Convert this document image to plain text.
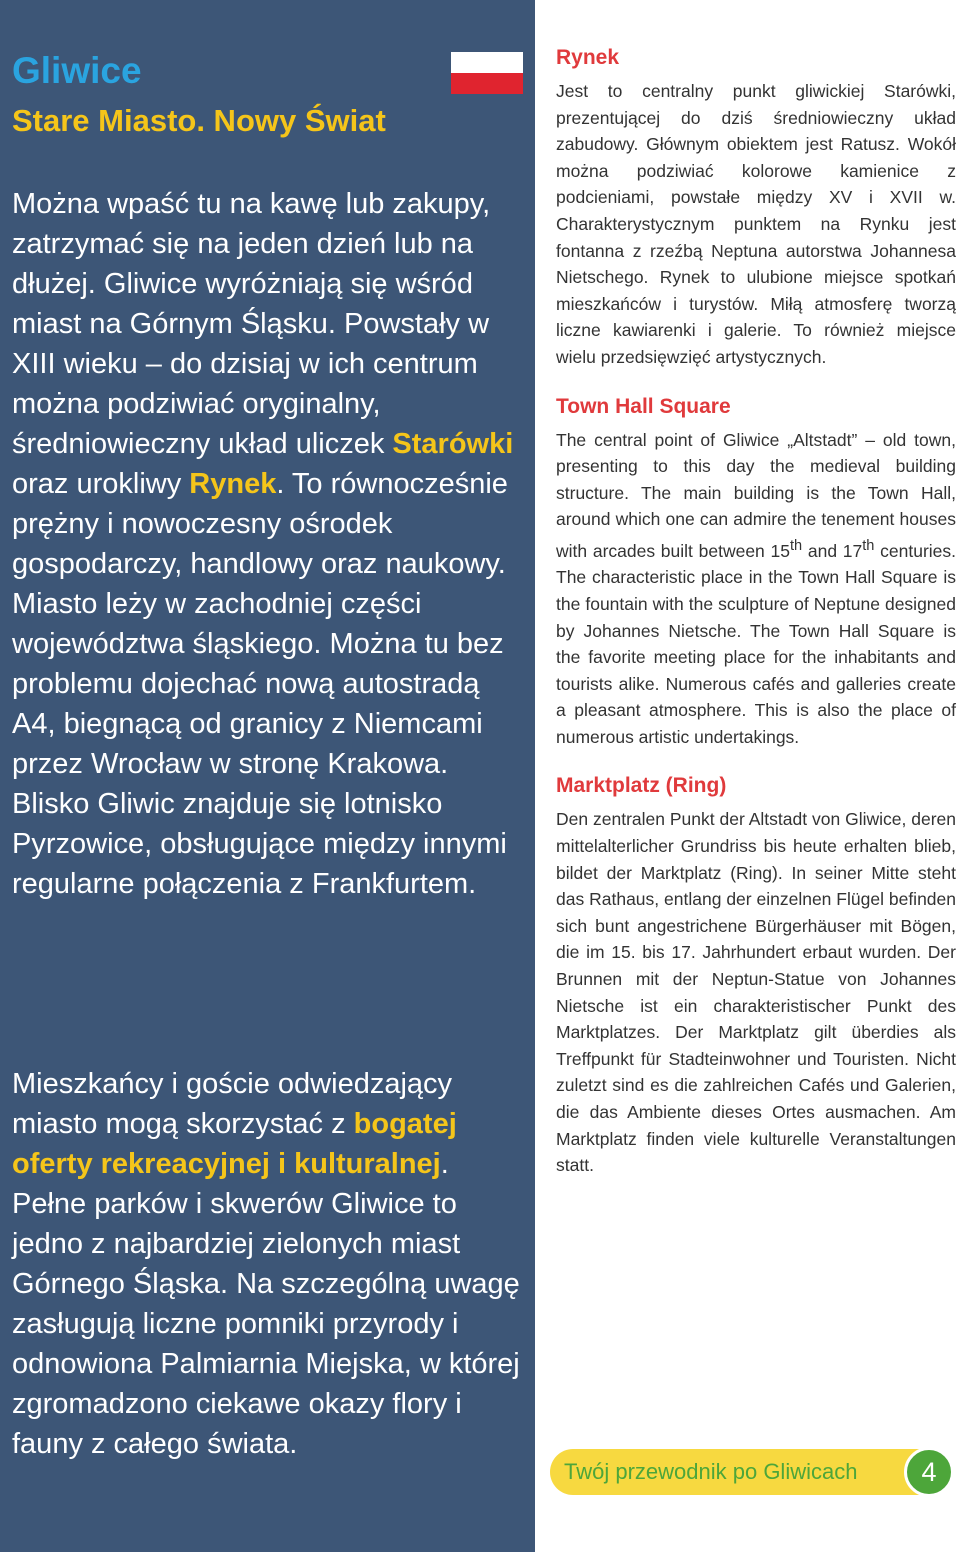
Gliwice
Stare Miasto. Nowy Świat

Można wpaść tu na kawę lub zakupy, zatrzymać się na jeden dzień lub na dłużej. Gliwice wyróżniają się wśród miast na Górnym Śląsku. Powstały w XIII wieku – do dzisiaj w ich centrum można podziwiać oryginalny, średniowieczny układ uliczek Starówki oraz urokliwy Rynek. To równocześnie prężny i nowoczesny ośrodek gospodarczy, handlowy oraz naukowy. Miasto leży w zachodniej części województwa śląskiego. Można tu bez problemu dojechać nową autostradą A4, biegnącą od granicy z Niemcami przez Wrocław w stronę Krakowa. Blisko Gliwic znajduje się lotnisko Pyrzowice, obsługujące między innymi regularne połączenia z Frankfurtem.

Mieszkańcy i goście odwiedzający miasto mogą skorzystać z bogatej oferty rekreacyjnej i kulturalnej. Pełne parków i skwerów Gliwice to jedno z najbardziej zielonych miast Górnego Śląska. Na szczególną uwagę zasługują liczne pomniki przyrody i odnowiona Palmiarnia Miejska, w której zgromadzono ciekawe okazy flory i fauny z całego świata.

Rynek

Jest to centralny punkt gliwickiej Starówki, prezentującej do dziś średniowieczny układ zabudowy. Głównym obiektem jest Ratusz. Wokół można podziwiać kolorowe kamienice z podcieniami, powstałe między XV i XVII w. Charakterystycznym punktem na Rynku jest fontanna z rzeźbą Neptuna autorstwa Johannesa Nietschego. Rynek to ulubione miejsce spotkań mieszkańców i turystów. Miłą atmosferę tworzą liczne kawiarenki i galerie. To również miejsce wielu przedsięwzięć artystycznych.

Town Hall Square

The central point of Gliwice „Altstadt” – old town, presenting to this day the medieval building structure. The main building is the Town Hall, around which one can admire the tenement houses with arcades built between 15th and 17th centuries. The characteristic place in the Town Hall Square is the fountain with the sculpture of Neptune designed by Johannes Nietsche. The Town Hall Square is the favorite meeting place for the inhabitants and tourists alike. Numerous cafés and galleries create a pleasant atmosphere. This is also the place of numerous artistic undertakings.

Marktplatz (Ring)

Den zentralen Punkt der Altstadt von Gliwice, deren mittelalterlicher Grundriss bis heute erhalten blieb, bildet der Marktplatz (Ring). In seiner Mitte steht das Rathaus, entlang der einzelnen Flügel befinden sich bunt angestrichene Bürgerhäuser mit Bögen, die im 15. bis 17. Jahrhundert erbaut wurden. Der Brunnen mit der Neptun-Statue von Johannes Nietsche ist ein charakteristischer Punkt des Marktplatzes. Der Marktplatz gilt überdies als Treffpunkt für Stadteinwohner und Touristen. Nicht zuletzt sind es die zahlreichen Cafés und Galerien, die das Ambiente dieses Ortes ausmachen. Am Marktplatz finden viele kulturelle Veranstaltungen statt.

Twój przewodnik po Gliwicach	4
